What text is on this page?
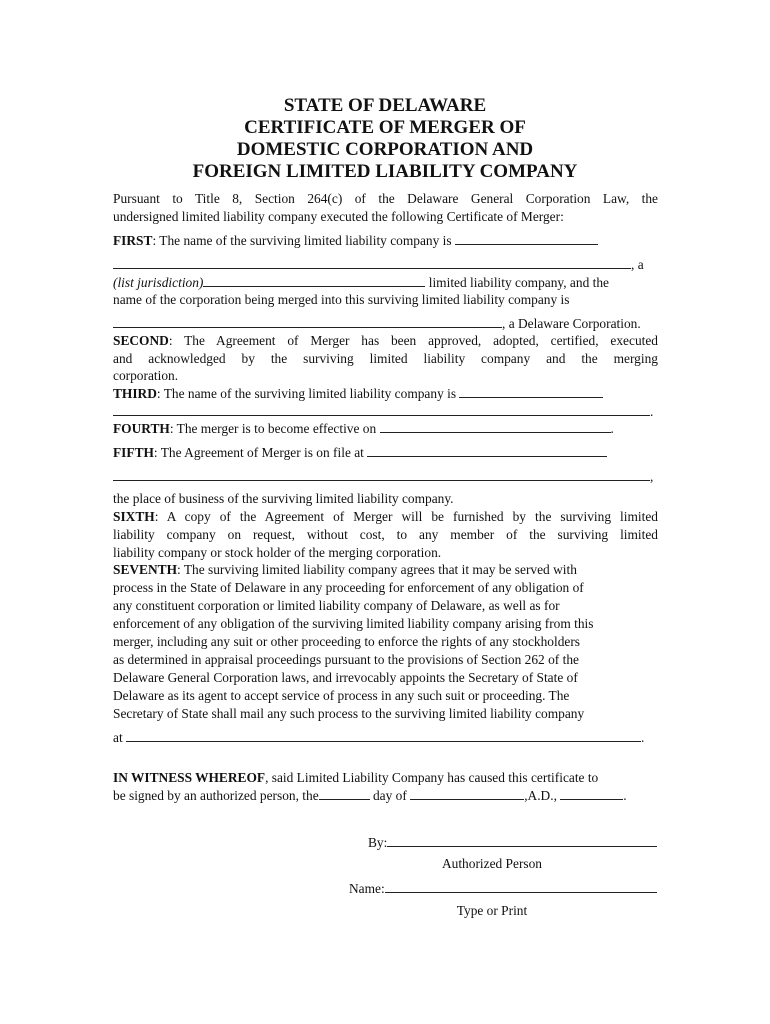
STATE OF DELAWARE
CERTIFICATE OF MERGER OF
DOMESTIC CORPORATION AND
FOREIGN LIMITED LIABILITY COMPANY
Pursuant to Title 8, Section 264(c) of the Delaware General Corporation Law, the
undersigned limited liability company executed the following Certificate of Merger:
FIRST: The name of the surviving limited liability company is
, a
(list jurisdiction)	limited liability company, and the
name of the corporation being merged into this surviving limited liability company is
, a Delaware Corporation.
SECOND: The Agreement of Merger has been approved, adopted, certified, executed
and acknowledged by the surviving limited liability company and the merging
corporation.
THIRD: The name of the surviving limited liability company is
.
FOURTH: The merger is to become effective on	.
FIFTH: The Agreement of Merger is on file at
,
the place of business of the surviving limited liability company.
SIXTH: A copy of the Agreement of Merger will be furnished by the surviving limited
liability company on request, without cost, to any member of the surviving limited
liability company or stock holder of the merging corporation.
SEVENTH: The surviving limited liability company agrees that it may be served with
process in the State of Delaware in any proceeding for enforcement of any obligation of
any constituent corporation or limited liability company of Delaware, as well as for
enforcement of any obligation of the surviving limited liability company arising from this
merger, including any suit or other proceeding to enforce the rights of any stockholders
as determined in appraisal proceedings pursuant to the provisions of Section 262 of the
Delaware General Corporation laws, and irrevocably appoints the Secretary of State of
Delaware as its agent to accept service of process in any such suit or proceeding. The
Secretary of State shall mail any such process to the surviving limited liability company
at	.
IN WITNESS WHEREOF, said Limited Liability Company has caused this certificate to
be signed by an authorized person, the	day of	,A.D.,	.
By:
Authorized Person
Name:
Type or Print
